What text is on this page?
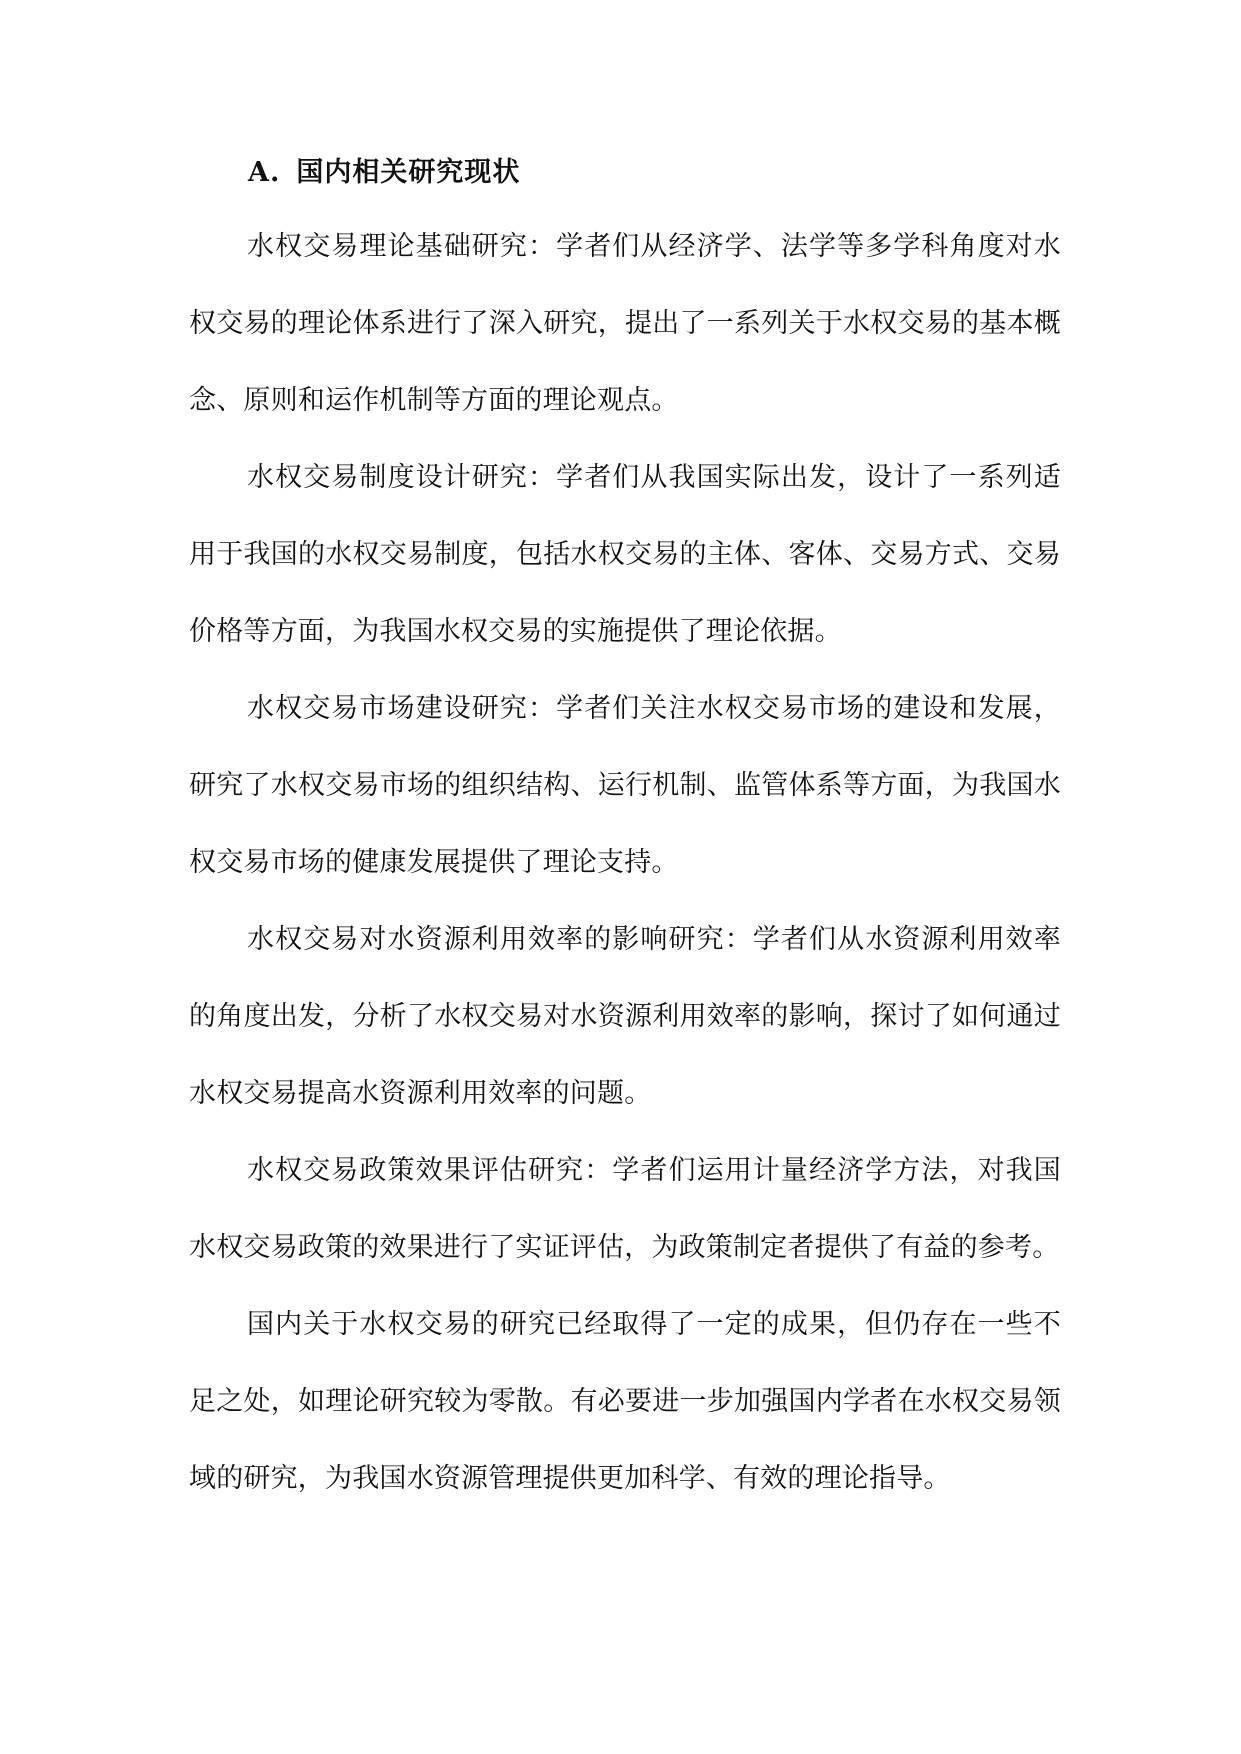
A. 国内相关研究现状

水权交易理论基础研究：学者们从经济学、法学等多学科角度对水权交易的理论体系进行了深入研究，提出了一系列关于水权交易的基本概念、原则和运作机制等方面的理论观点。

水权交易制度设计研究：学者们从我国实际出发，设计了一系列适用于我国的水权交易制度，包括水权交易的主体、客体、交易方式、交易价格等方面，为我国水权交易的实施提供了理论依据。

水权交易市场建设研究：学者们关注水权交易市场的建设和发展，研究了水权交易市场的组织结构、运行机制、监管体系等方面，为我国水权交易市场的健康发展提供了理论支持。

水权交易对水资源利用效率的影响研究：学者们从水资源利用效率的角度出发，分析了水权交易对水资源利用效率的影响，探讨了如何通过水权交易提高水资源利用效率的问题。

水权交易政策效果评估研究：学者们运用计量经济学方法，对我国水权交易政策的效果进行了实证评估，为政策制定者提供了有益的参考。

国内关于水权交易的研究已经取得了一定的成果，但仍存在一些不足之处，如理论研究较为零散。有必要进一步加强国内学者在水权交易领域的研究，为我国水资源管理提供更加科学、有效的理论指导。
